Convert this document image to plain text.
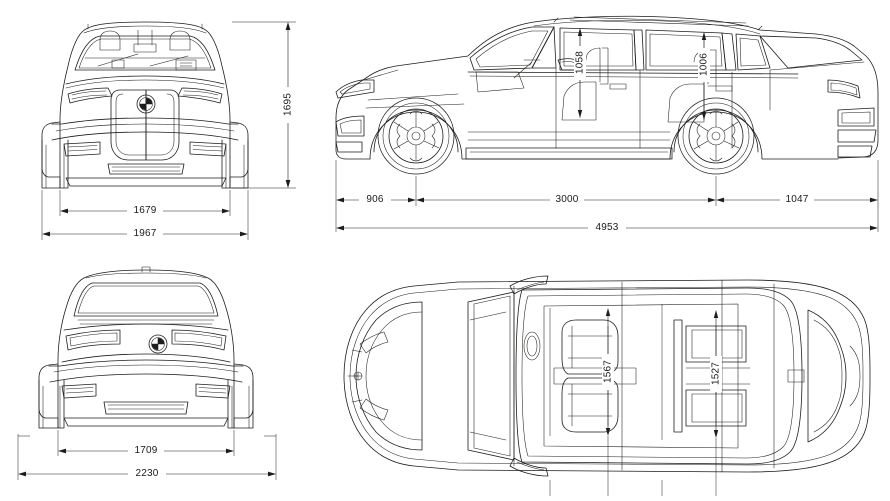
1679
1967
1695
1058	1006
906	3000	1047
4953
1709
2230
1567	1527
